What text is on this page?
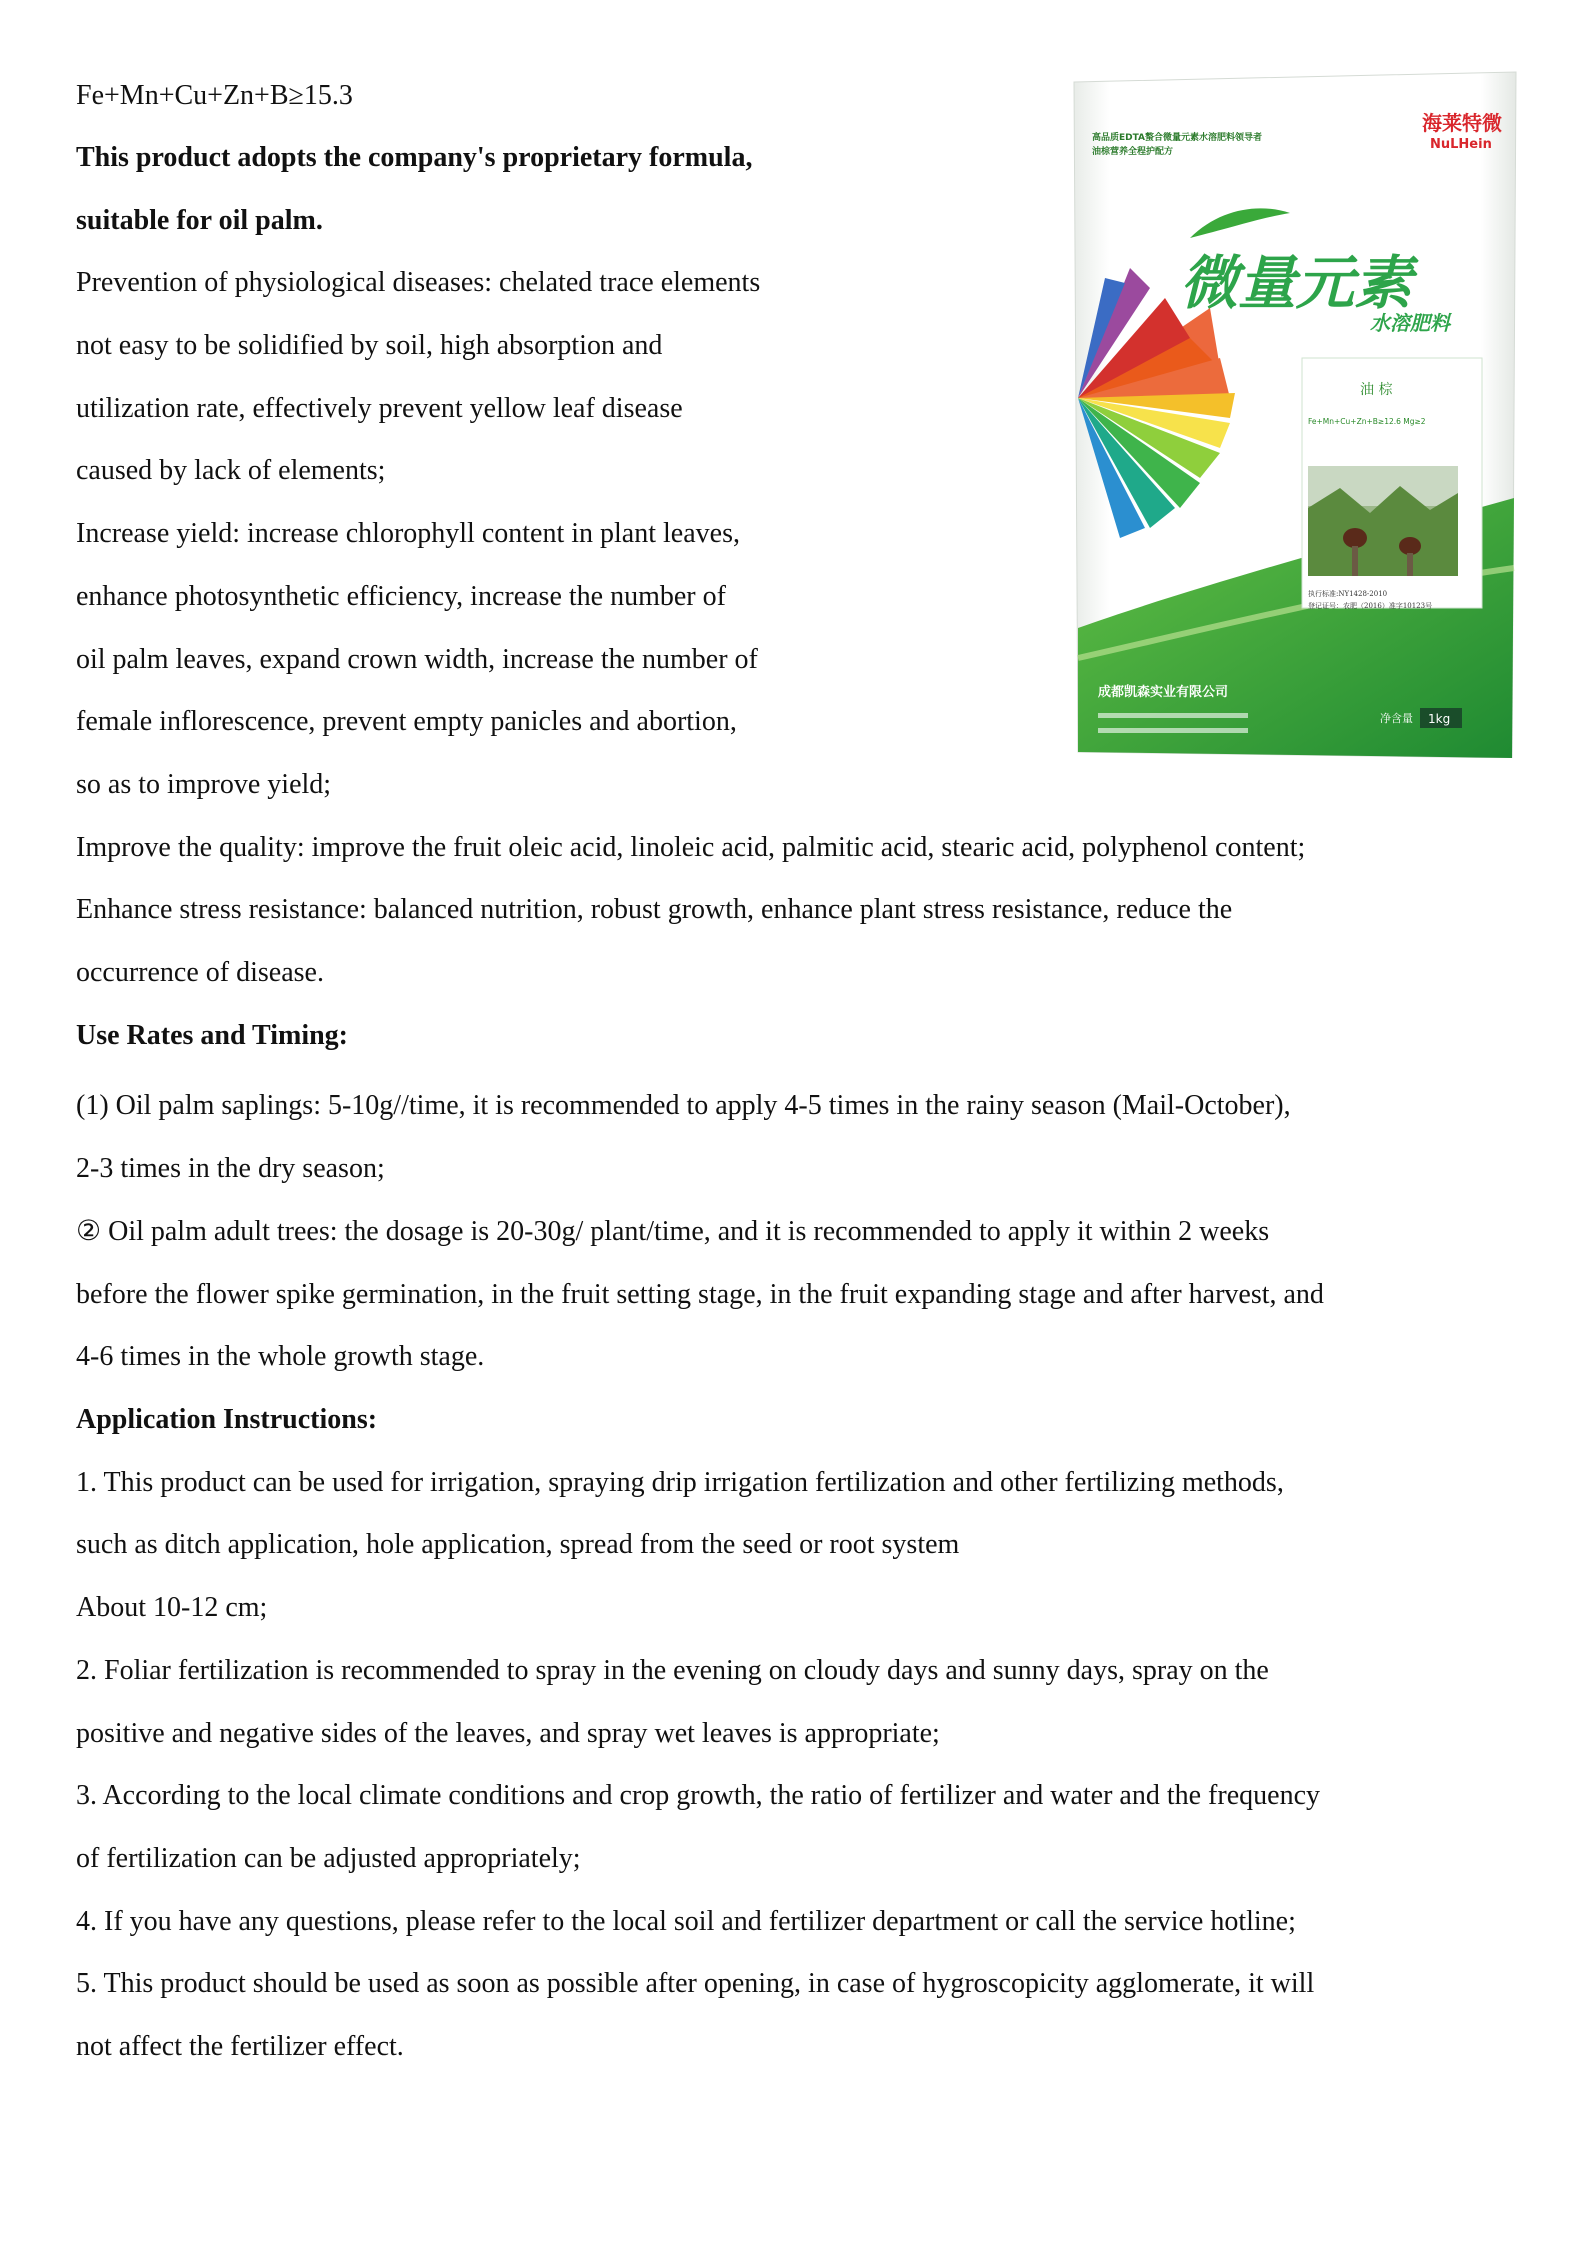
Fe+Mn+Cu+Zn+B≥15.3
This product adopts the company's proprietary formula,
suitable for oil palm.
Prevention of physiological diseases: chelated trace elements
not easy to be solidified by soil, high absorption and
utilization rate, effectively prevent yellow leaf disease
caused by lack of elements;
Increase yield: increase chlorophyll content in plant leaves,
enhance photosynthetic efficiency, increase the number of
oil palm leaves, expand crown width, increase the number of
female inflorescence, prevent empty panicles and abortion,
so as to improve yield;
Improve the quality: improve the fruit oleic acid, linoleic acid, palmitic acid, stearic acid, polyphenol content;
Enhance stress resistance: balanced nutrition, robust growth, enhance plant stress resistance, reduce the
occurrence of disease.
Use Rates and Timing:
(1) Oil palm saplings: 5-10g//time, it is recommended to apply 4-5 times in the rainy season (Mail-October),
2-3 times in the dry season;
② Oil palm adult trees: the dosage is 20-30g/ plant/time, and it is recommended to apply it within 2 weeks
before the flower spike germination, in the fruit setting stage, in the fruit expanding stage and after harvest, and
4-6 times in the whole growth stage.
Application Instructions:
1. This product can be used for irrigation, spraying drip irrigation fertilization and other fertilizing methods,
such as ditch application, hole application, spread from the seed or root system
About 10-12 cm;
2. Foliar fertilization is recommended to spray in the evening on cloudy days and sunny days, spray on the
positive and negative sides of the leaves, and spray wet leaves is appropriate;
3. According to the local climate conditions and crop growth, the ratio of fertilizer and water and the frequency
of fertilization can be adjusted appropriately;
4. If you have any questions, please refer to the local soil and fertilizer department or call the service hotline;
5. This product should be used as soon as possible after opening, in case of hygroscopicity agglomerate, it will
not affect the fertilizer effect.
高品质EDTA螯合微量元素水溶肥料领导者
油棕营养全程护配方
海莱特微
NuLHein
微量元素
水溶肥料
油 棕
Fe+Mn+Cu+Zn+B≥12.6 Mg≥2
执行标准:NY1428-2010
登记证号：农肥（2016）准字10123号
成都凯森实业有限公司
净含量 1kg
